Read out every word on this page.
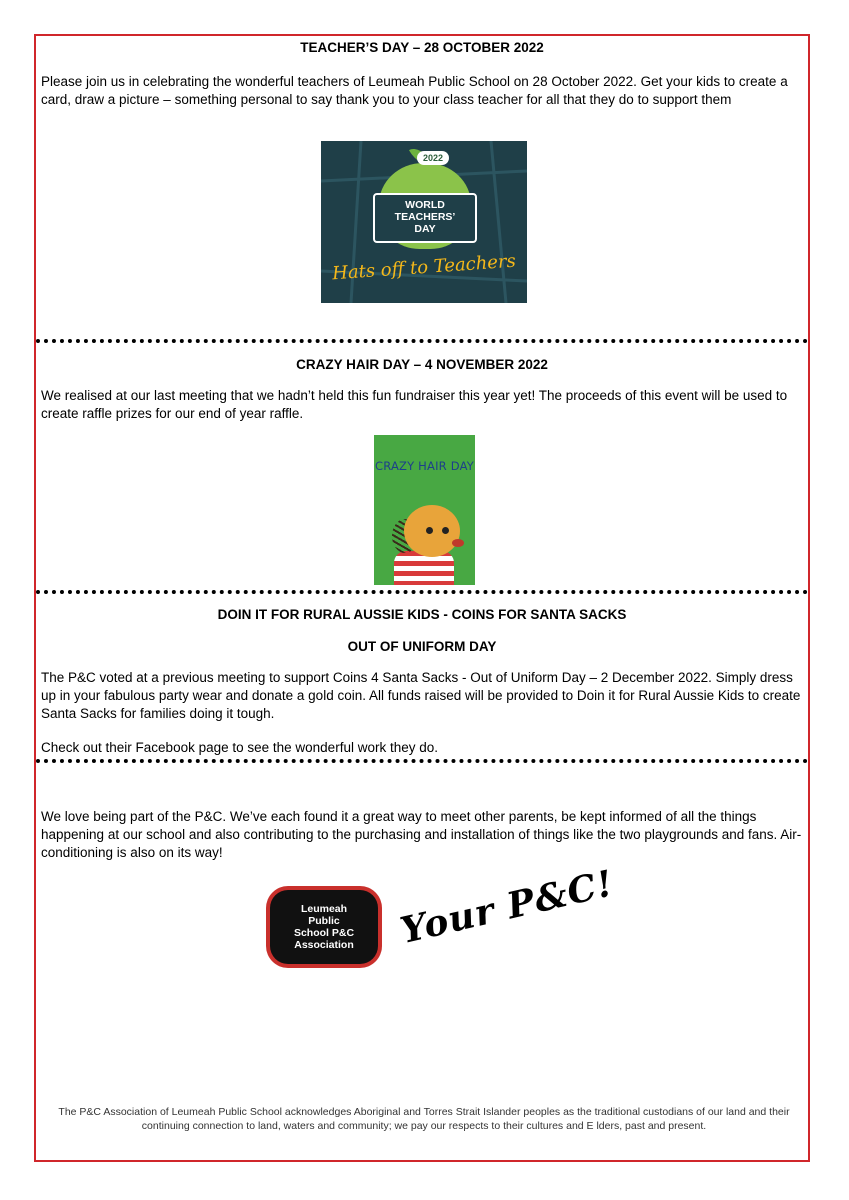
TEACHER’S DAY – 28 OCTOBER 2022
Please join us in celebrating the wonderful teachers of Leumeah Public School on 28 October 2022. Get your kids to create a card, draw a picture – something personal to say thank you to your class teacher for all that they do to support them
2022
WORLD
TEACHERS’
DAY
Hats off to Teachers
CRAZY HAIR DAY – 4 NOVEMBER 2022
We realised at our last meeting that we hadn’t held this fun fundraiser this year yet! The proceeds of this event will be used to create raffle prizes for our end of year raffle.
CRAZY HAIR DAY
DOIN IT FOR RURAL AUSSIE KIDS - COINS FOR SANTA SACKS
OUT OF UNIFORM DAY
The P&C voted at a previous meeting to support Coins 4 Santa Sacks - Out of Uniform Day – 2 December 2022. Simply dress up in your fabulous party wear and donate a gold coin. All funds raised will be provided to Doin it for Rural Aussie Kids to create Santa Sacks for families doing it tough.
Check out their Facebook page to see the wonderful work they do.
We love being part of the P&C. We’ve each found it a great way to meet other parents, be kept informed of all the things happening at our school and also contributing to the purchasing and installation of things like the two playgrounds and fans. Air-conditioning is also on its way!
Leumeah
Public
School P&C
Association Your P&C!
The P&C Association of Leumeah Public School acknowledges Aboriginal and Torres Strait Islander peoples as the traditional custodians of our land and their continuing connection to land, waters and community; we pay our respects to their cultures and E lders, past and present.
